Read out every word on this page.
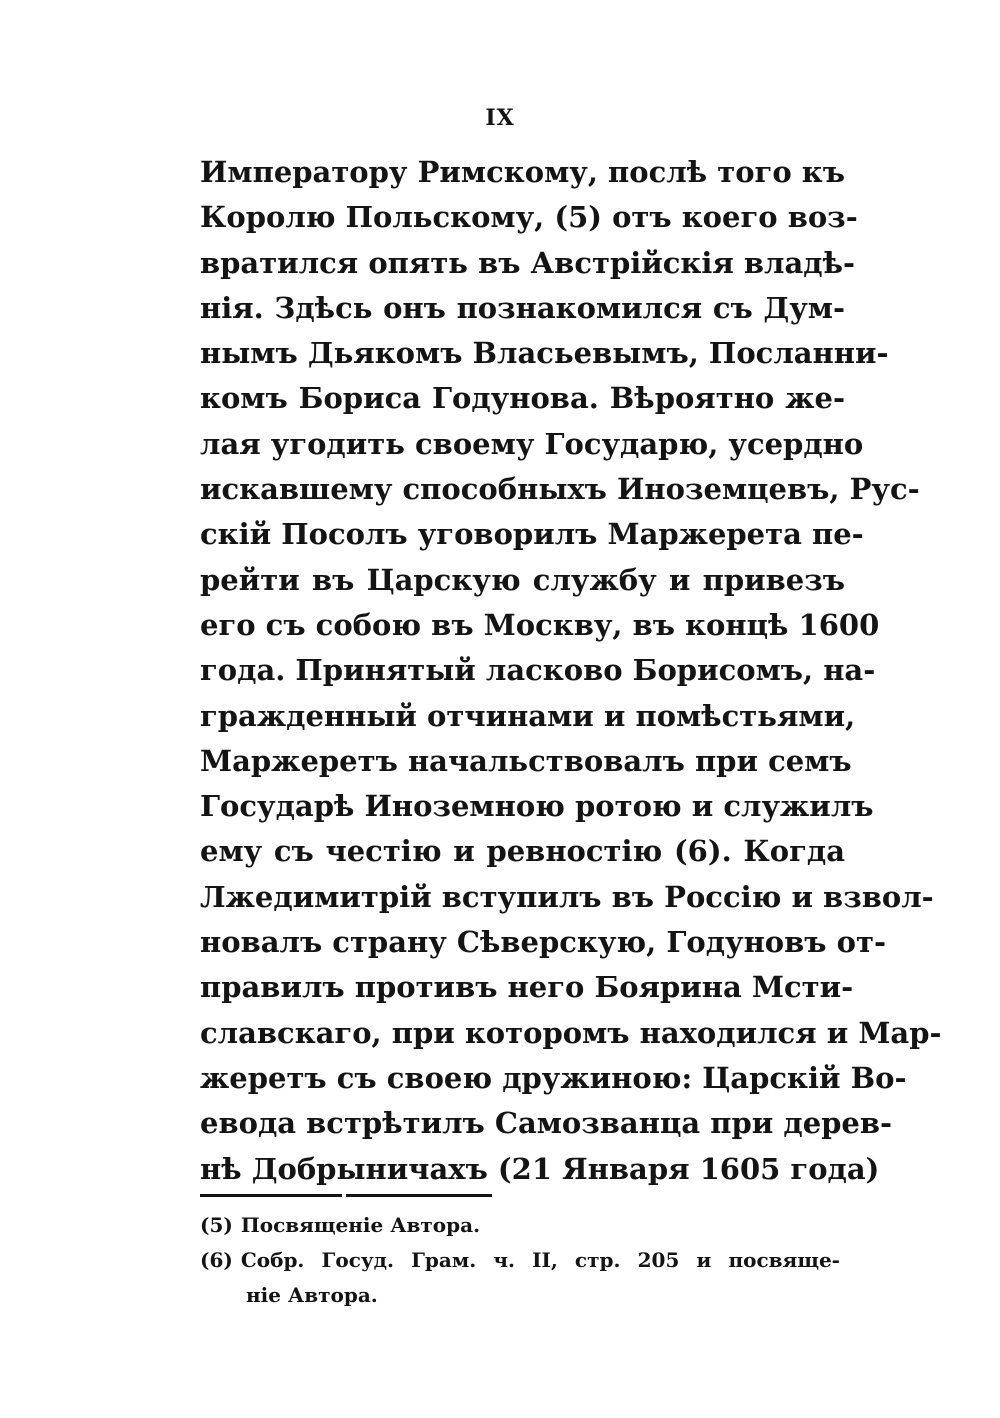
IX
Императору Римскому, послѣ того къ
Королю Польскому, (5) отъ коего воз-
вратился опять въ Австрійскія владѣ-
нія. Здѣсь онъ познакомился съ Дум-
нымъ Дьякомъ Власьевымъ, Посланни-
комъ Бориса Годунова. Вѣроятно же-
лая угодить своему Государю, усердно
искавшему способныхъ Иноземцевъ, Рус-
скій Посолъ уговорилъ Маржерета пе-
рейти въ Царскую службу и привезъ
его съ собою въ Москву, въ концѣ 1600
года. Принятый ласково Борисомъ, на-
гражденный отчинами и помѣстьями,
Маржеретъ начальствовалъ при семъ
Государѣ Иноземною ротою и служилъ
ему съ честію и ревностію (6). Когда
Лжедимитрій вступилъ въ Россію и взвол-
новалъ страну Сѣверскую, Годуновъ от-
правилъ противъ него Боярина Мсти-
славскаго, при которомъ находился и Мар-
жеретъ съ своею дружиною: Царскій Во-
евода встрѣтилъ Самозванца при дерев-
нѣ Добрыничахъ (21 Января 1605 года)
(5) Посвященіе Автора.
(6) Собр. Госуд. Грам. ч. II, стр. 205 и посвяще-
ніе Автора.
